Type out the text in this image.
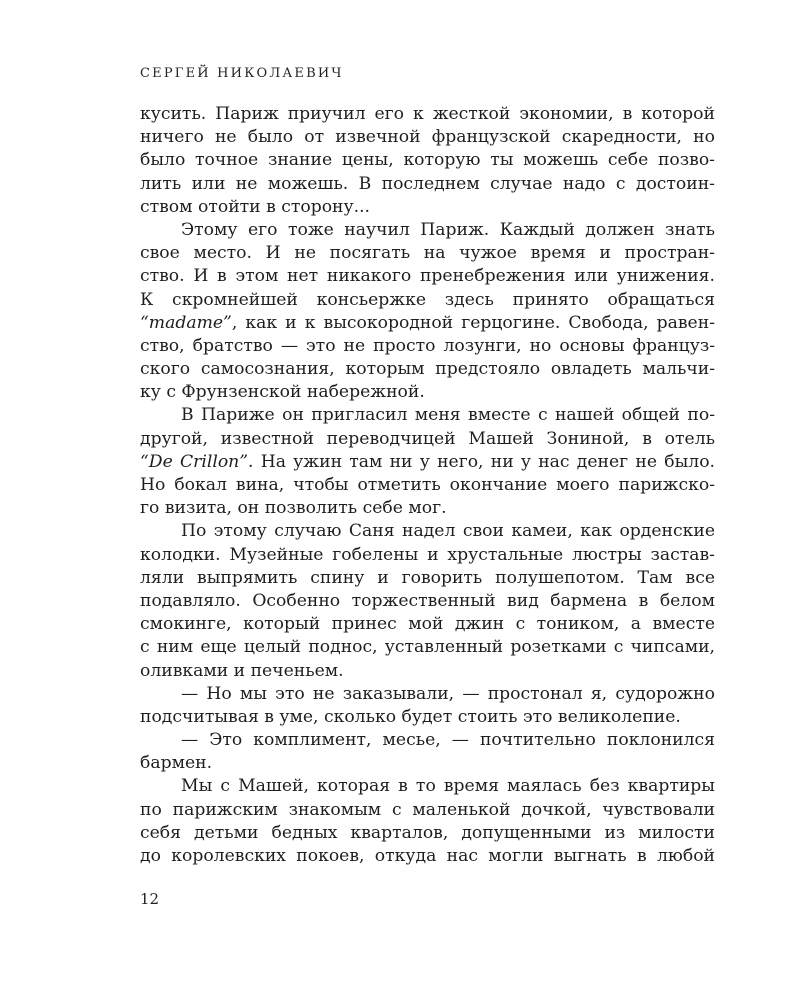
СЕРГЕЙ НИКОЛАЕВИЧ
кусить. Париж приучил его к жесткой экономии, в которой
ничего не было от извечной французской скаредности, но
было точное знание цены, которую ты можешь себе позво-
лить или не можешь. В последнем случае надо с достоин-
ством отойти в сторону...
Этому его тоже научил Париж. Каждый должен знать
свое место. И не посягать на чужое время и простран-
ство. И в этом нет никакого пренебрежения или унижения.
К скромнейшей консьержке здесь принято обращаться
“madame”, как и к высокородной герцогине. Свобода, равен-
ство, братство — это не просто лозунги, но основы француз-
ского самосознания, которым предстояло овладеть мальчи-
ку с Фрунзенской набережной.
В Париже он пригласил меня вместе с нашей общей по-
другой, известной переводчицей Машей Зониной, в отель
“De Crillon”. На ужин там ни у него, ни у нас денег не было.
Но бокал вина, чтобы отметить окончание моего парижско-
го визита, он позволить себе мог.
По этому случаю Саня надел свои камеи, как орденские
колодки. Музейные гобелены и хрустальные люстры застав-
ляли выпрямить спину и говорить полушепотом. Там все
подавляло. Особенно торжественный вид бармена в белом
смокинге, который принес мой джин с тоником, а вместе
с ним еще целый поднос, уставленный розетками с чипсами,
оливками и печеньем.
— Но мы это не заказывали, — простонал я, судорожно
подсчитывая в уме, сколько будет стоить это великолепие.
— Это комплимент, месье, — почтительно поклонился
бармен.
Мы с Машей, которая в то время маялась без квартиры
по парижским знакомым с маленькой дочкой, чувствовали
себя детьми бедных кварталов, допущенными из милости
до королевских покоев, откуда нас могли выгнать в любой
12
